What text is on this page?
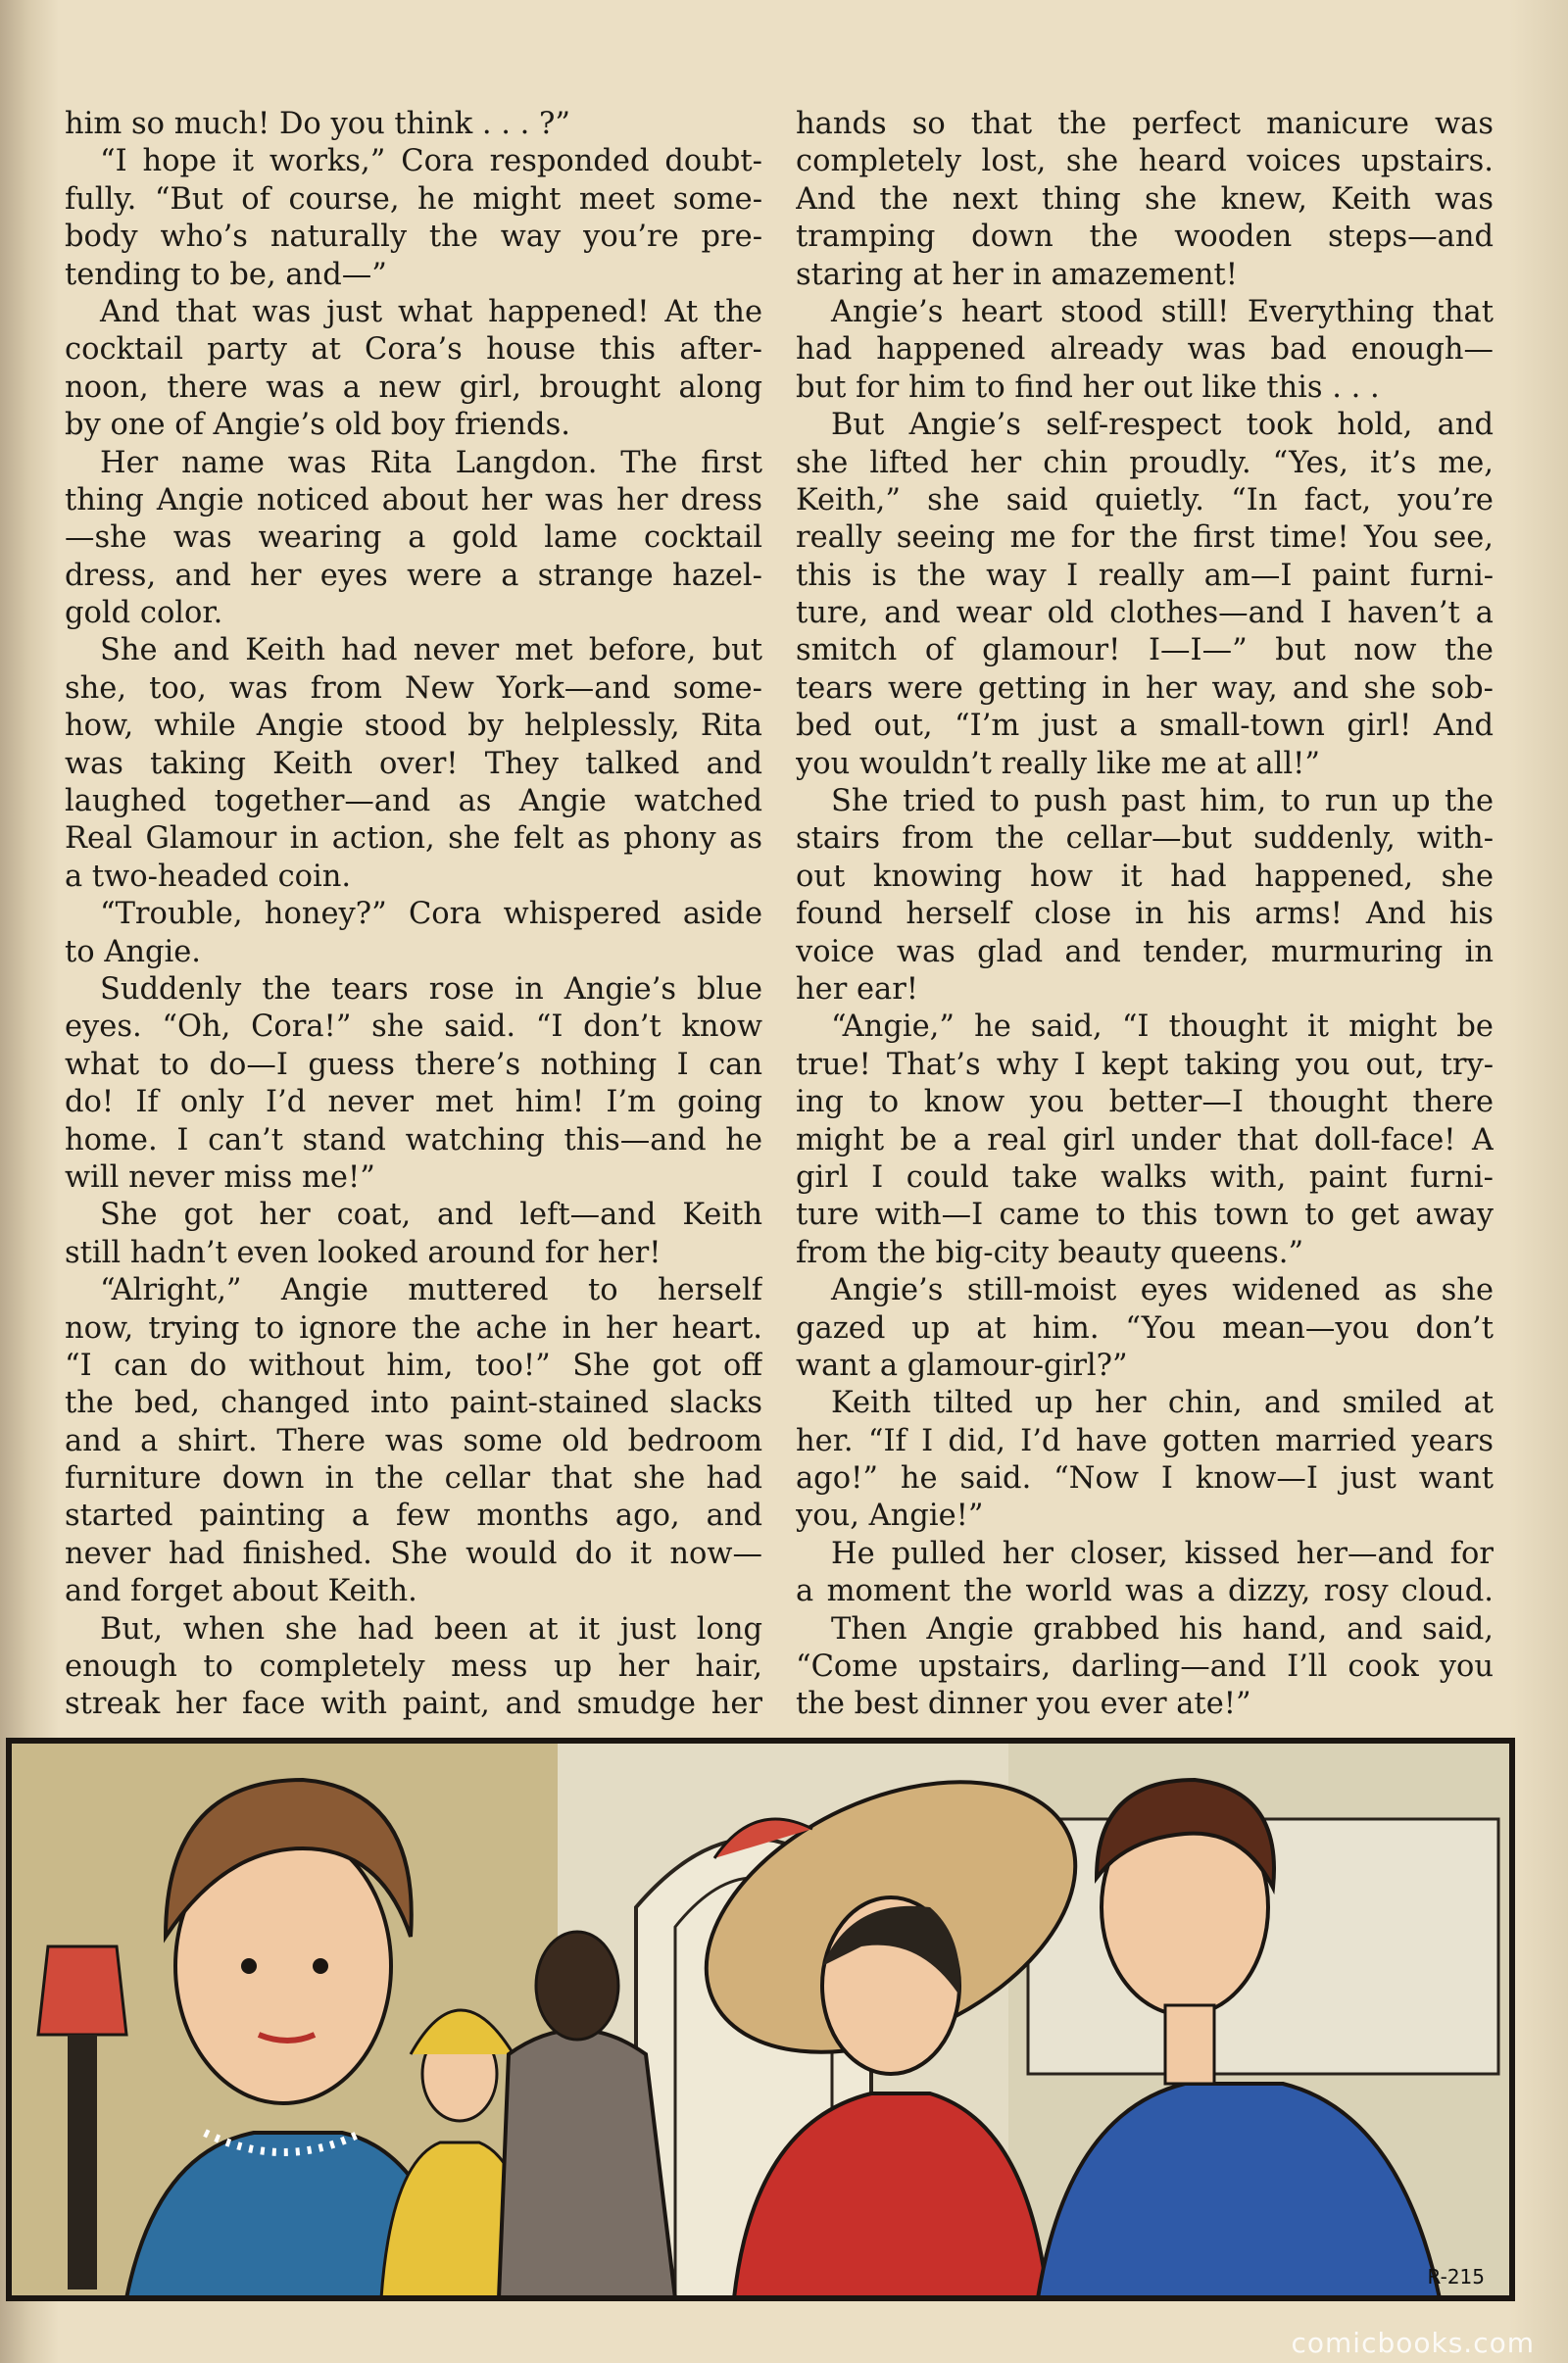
him so much! Do you think . . . ?”
“I hope it works,” Cora responded doubt-
fully. “But of course, he might meet some-
body who’s naturally the way you’re pre-
tending to be, and—”
And that was just what happened! At the
cocktail party at Cora’s house this after-
noon, there was a new girl, brought along
by one of Angie’s old boy friends.
Her name was Rita Langdon. The first
thing Angie noticed about her was her dress
—she was wearing a gold lame cocktail
dress, and her eyes were a strange hazel-
gold color.
She and Keith had never met before, but
she, too, was from New York—and some-
how, while Angie stood by helplessly, Rita
was taking Keith over! They talked and
laughed together—and as Angie watched
Real Glamour in action, she felt as phony as
a two-headed coin.
“Trouble, honey?” Cora whispered aside
to Angie.
Suddenly the tears rose in Angie’s blue
eyes. “Oh, Cora!” she said. “I don’t know
what to do—I guess there’s nothing I can
do! If only I’d never met him! I’m going
home. I can’t stand watching this—and he
will never miss me!”
She got her coat, and left—and Keith
still hadn’t even looked around for her!
“Alright,” Angie muttered to herself
now, trying to ignore the ache in her heart.
“I can do without him, too!” She got off
the bed, changed into paint-stained slacks
and a shirt. There was some old bedroom
furniture down in the cellar that she had
started painting a few months ago, and
never had finished. She would do it now—
and forget about Keith.
But, when she had been at it just long
enough to completely mess up her hair,
streak her face with paint, and smudge her
hands so that the perfect manicure was
completely lost, she heard voices upstairs.
And the next thing she knew, Keith was
tramping down the wooden steps—and
staring at her in amazement!
Angie’s heart stood still! Everything that
had happened already was bad enough—
but for him to find her out like this . . .
But Angie’s self-respect took hold, and
she lifted her chin proudly. “Yes, it’s me,
Keith,” she said quietly. “In fact, you’re
really seeing me for the first time! You see,
this is the way I really am—I paint furni-
ture, and wear old clothes—and I haven’t a
smitch of glamour! I—I—” but now the
tears were getting in her way, and she sob-
bed out, “I’m just a small-town girl! And
you wouldn’t really like me at all!”
She tried to push past him, to run up the
stairs from the cellar—but suddenly, with-
out knowing how it had happened, she
found herself close in his arms! And his
voice was glad and tender, murmuring in
her ear!
“Angie,” he said, “I thought it might be
true! That’s why I kept taking you out, try-
ing to know you better—I thought there
might be a real girl under that doll-face! A
girl I could take walks with, paint furni-
ture with—I came to this town to get away
from the big-city beauty queens.”
Angie’s still-moist eyes widened as she
gazed up at him. “You mean—you don’t
want a glamour-girl?”
Keith tilted up her chin, and smiled at
her. “If I did, I’d have gotten married years
ago!” he said. “Now I know—I just want
you, Angie!”
He pulled her closer, kissed her—and for
a moment the world was a dizzy, rosy cloud.
Then Angie grabbed his hand, and said,
“Come upstairs, darling—and I’ll cook you
the best dinner you ever ate!”
R-215
comicbooks.com
